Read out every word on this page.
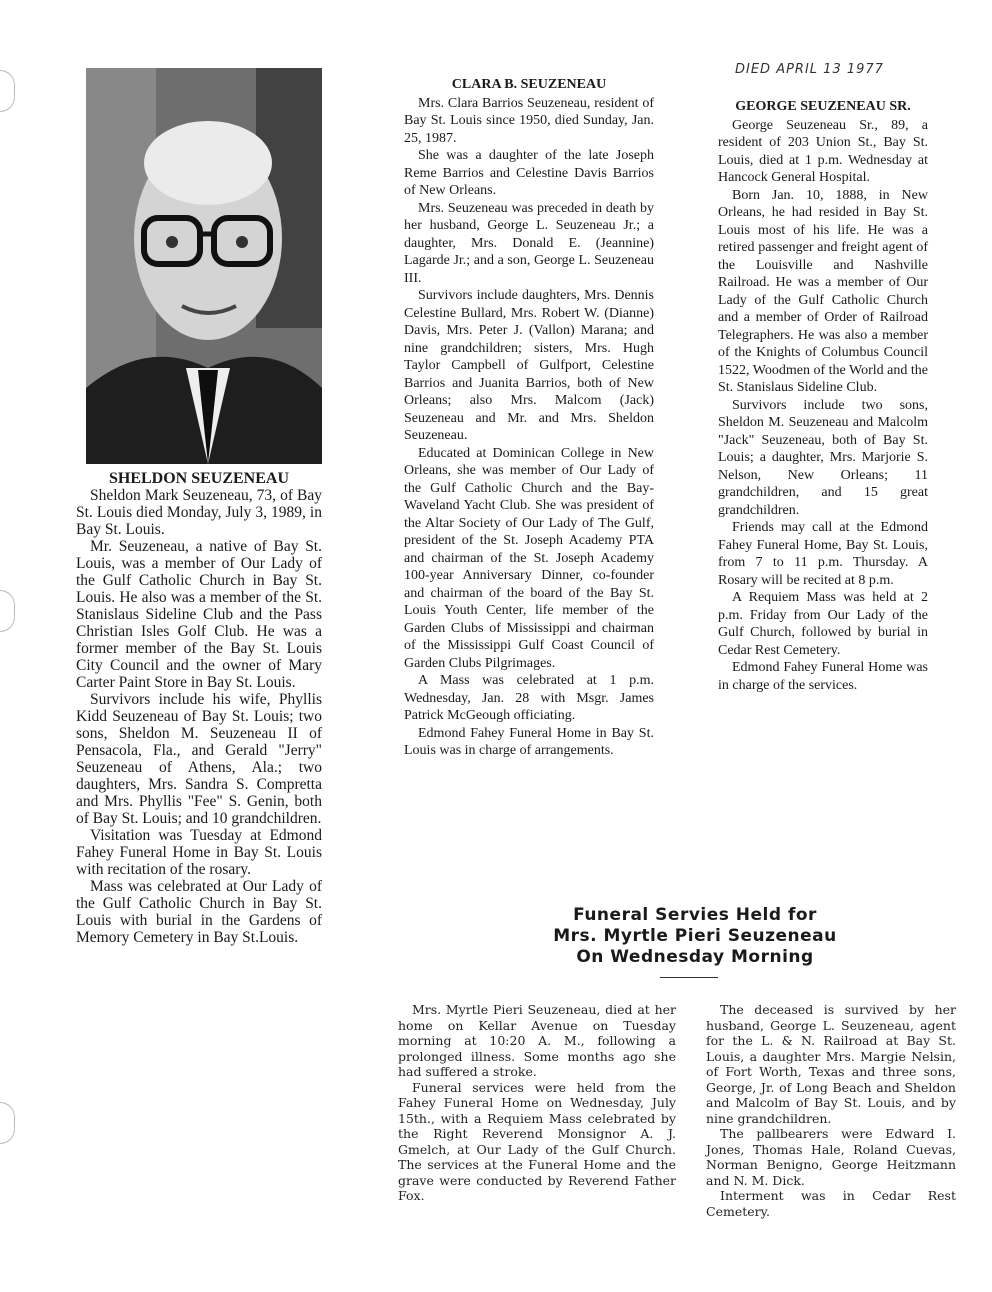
DIED APRIL 13 1977
SHELDON SEUZENEAU

Sheldon Mark Seuzeneau, 73, of Bay St. Louis died Monday, July 3, 1989, in Bay St. Louis.

Mr. Seuzeneau, a native of Bay St. Louis, was a member of Our Lady of the Gulf Catholic Church in Bay St. Louis. He also was a member of the St. Stanislaus Sideline Club and the Pass Christian Isles Golf Club. He was a former member of the Bay St. Louis City Council and the owner of Mary Carter Paint Store in Bay St. Louis.

Survivors include his wife, Phyllis Kidd Seuzeneau of Bay St. Louis; two sons, Sheldon M. Seuzeneau II of Pensacola, Fla., and Gerald "Jerry" Seuzeneau of Athens, Ala.; two daughters, Mrs. Sandra S. Compretta and Mrs. Phyllis "Fee" S. Genin, both of Bay St. Louis; and 10 grandchildren.

Visitation was Tuesday at Edmond Fahey Funeral Home in Bay St. Louis with recitation of the rosary.

Mass was celebrated at Our Lady of the Gulf Catholic Church in Bay St. Louis with burial in the Gardens of Memory Cemetery in Bay St.Louis.

CLARA B. SEUZENEAU

Mrs. Clara Barrios Seuzeneau, resident of Bay St. Louis since 1950, died Sunday, Jan. 25, 1987.

She was a daughter of the late Joseph Reme Barrios and Celestine Davis Barrios of New Orleans.

Mrs. Seuzeneau was preceded in death by her husband, George L. Seuzeneau Jr.; a daughter, Mrs. Donald E. (Jeannine) Lagarde Jr.; and a son, George L. Seuzeneau III.

Survivors include daughters, Mrs. Dennis Celestine Bullard, Mrs. Robert W. (Dianne) Davis, Mrs. Peter J. (Vallon) Marana; and nine grandchildren; sisters, Mrs. Hugh Taylor Campbell of Gulfport, Celestine Barrios and Juanita Barrios, both of New Orleans; also Mrs. Malcom (Jack) Seuzeneau and Mr. and Mrs. Sheldon Seuzeneau.

Educated at Dominican College in New Orleans, she was member of Our Lady of the Gulf Catholic Church and the Bay-Waveland Yacht Club. She was president of the Altar Society of Our Lady of The Gulf, president of the St. Joseph Academy PTA and chairman of the St. Joseph Academy 100-year Anniversary Dinner, co-founder and chairman of the board of the Bay St. Louis Youth Center, life member of the Garden Clubs of Mississippi and chairman of the Mississippi Gulf Coast Council of Garden Clubs Pilgrimages.

A Mass was celebrated at 1 p.m. Wednesday, Jan. 28 with Msgr. James Patrick McGeough officiating.

Edmond Fahey Funeral Home in Bay St. Louis was in charge of arrangements.

GEORGE SEUZENEAU SR.

George Seuzeneau Sr., 89, a resident of 203 Union St., Bay St. Louis, died at 1 p.m. Wednesday at Hancock General Hospital.

Born Jan. 10, 1888, in New Orleans, he had resided in Bay St. Louis most of his life. He was a retired passenger and freight agent of the Louisville and Nashville Railroad. He was a member of Our Lady of the Gulf Catholic Church and a member of Order of Railroad Telegraphers. He was also a member of the Knights of Columbus Council 1522, Woodmen of the World and the St. Stanislaus Sideline Club.

Survivors include two sons, Sheldon M. Seuzeneau and Malcolm "Jack" Seuzeneau, both of Bay St. Louis; a daughter, Mrs. Marjorie S. Nelson, New Orleans; 11 grandchildren, and 15 great grandchildren.

Friends may call at the Edmond Fahey Funeral Home, Bay St. Louis, from 7 to 11 p.m. Thursday. A Rosary will be recited at 8 p.m.

A Requiem Mass was held at 2 p.m. Friday from Our Lady of the Gulf Church, followed by burial in Cedar Rest Cemetery.

Edmond Fahey Funeral Home was in charge of the services.

Funeral Servies Held for
Mrs. Myrtle Pieri Seuzeneau
On Wednesday Morning

Mrs. Myrtle Pieri Seuzeneau, died at her home on Kellar Avenue on Tuesday morning at 10:20 A. M., following a prolonged illness. Some months ago she had suffered a stroke.

Funeral services were held from the Fahey Funeral Home on Wednesday, July 15th., with a Requiem Mass celebrated by the Right Reverend Monsignor A. J. Gmelch, at Our Lady of the Gulf Church. The services at the Funeral Home and the grave were conducted by Reverend Father Fox.

The deceased is survived by her husband, George L. Seuzeneau, agent for the L. & N. Railroad at Bay St. Louis, a daughter Mrs. Margie Nelsin, of Fort Worth, Texas and three sons, George, Jr. of Long Beach and Sheldon and Malcolm of Bay St. Louis, and by nine grandchildren.

The pallbearers were Edward I. Jones, Thomas Hale, Roland Cuevas, Norman Benigno, George Heitzmann and N. M. Dick.

Interment was in Cedar Rest Cemetery.
